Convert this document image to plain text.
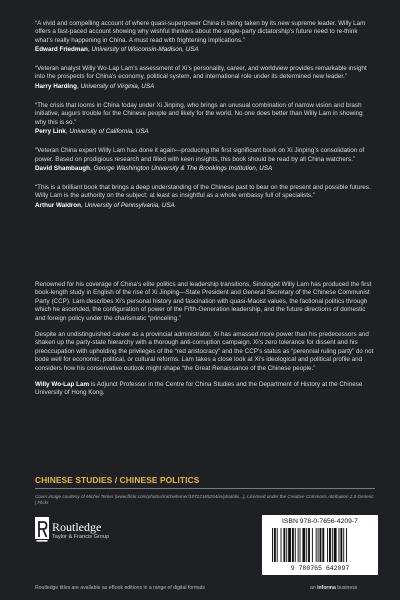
“A vivid and compelling account of where quasi-superpower China is being taken by its new supreme leader. Willy Lam offers a fast-paced account showing why wishful thinkers about the single-party dictatorship’s future need to re-think what’s really happening in China. A must read with frightening implications.”

Edward Friedman, University of Wisconsin-Madison, USA

“Veteran analyst Willy Wo-Lap Lam’s assessment of Xi’s personality, career, and worldview provides remarkable insight into the prospects for China’s economy, political system, and international role under its determined new leader.”

Harry Harding, University of Virginia, USA

“The crisis that looms in China today under Xi Jinping, who brings an unusual combination of narrow vision and brash initiative, augurs trouble for the Chinese people and likely for the world. No one does better than Willy Lam in showing why this is so.”

Perry Link, University of California, USA

“Veteran China expert Willy Lam has done it again—producing the first significant book on Xi Jinping’s consolidation of power. Based on prodigious research and filled with keen insights, this book should be read by all China watchers.”

David Shambaugh, George Washington University & The Brookings Institution, USA

“This is a brilliant book that brings a deep understanding of the Chinese past to bear on the present and possible futures. Willy Lam is the authority on the subject; at least as insightful as a whole embassy full of specialists.”

Arthur Waldron, University of Pennsylvania, USA

Renowned for his coverage of China’s elite politics and leadership transitions, Sinologist Willy Lam has produced the first book-length study in English of the rise of Xi Jinping—State President and General Secretary of the Chinese Communist Party (CCP). Lam describes Xi’s personal history and fascination with quasi-Maoist values, the factional politics through which he ascended, the configuration of power of the Fifth-Generation leadership, and the future directions of domestic and foreign policy under the charismatic “princeling.”

Despite an undistinguished career as a provincial administrator, Xi has amassed more power than his predecessors and shaken up the party-state hierarchy with a thorough anti-corruption campaign. Xi’s zero tolerance for dissent and his preoccupation with upholding the privileges of the “red aristocracy” and the CCP’s status as “perennial ruling party” do not bode well for economic, political, or cultural reforms. Lam takes a close look at Xi’s ideological and political profile and considers how his conservative outlook might shape “the Great Renaissance of the Chinese people.”

Willy Wo-Lap Lam is Adjunct Professor in the Centre for China Studies and the Department of History at the Chinese University of Hong Kong.

CHINESE STUDIES / CHINESE POLITICS
Cover image courtesy of Michel Temer (www.flickr.com/photos/micheltemer/10722165254/in/photolis...), Licensed under the Creative Commons Attribution 2.0 Generic | Flickr
Routledge
Taylor & Francis Group
ISBN 978-0-7656-4209-7
9 780765 642097
Routledge titles are available as eBook editions in a range of digital formats	an informa business
